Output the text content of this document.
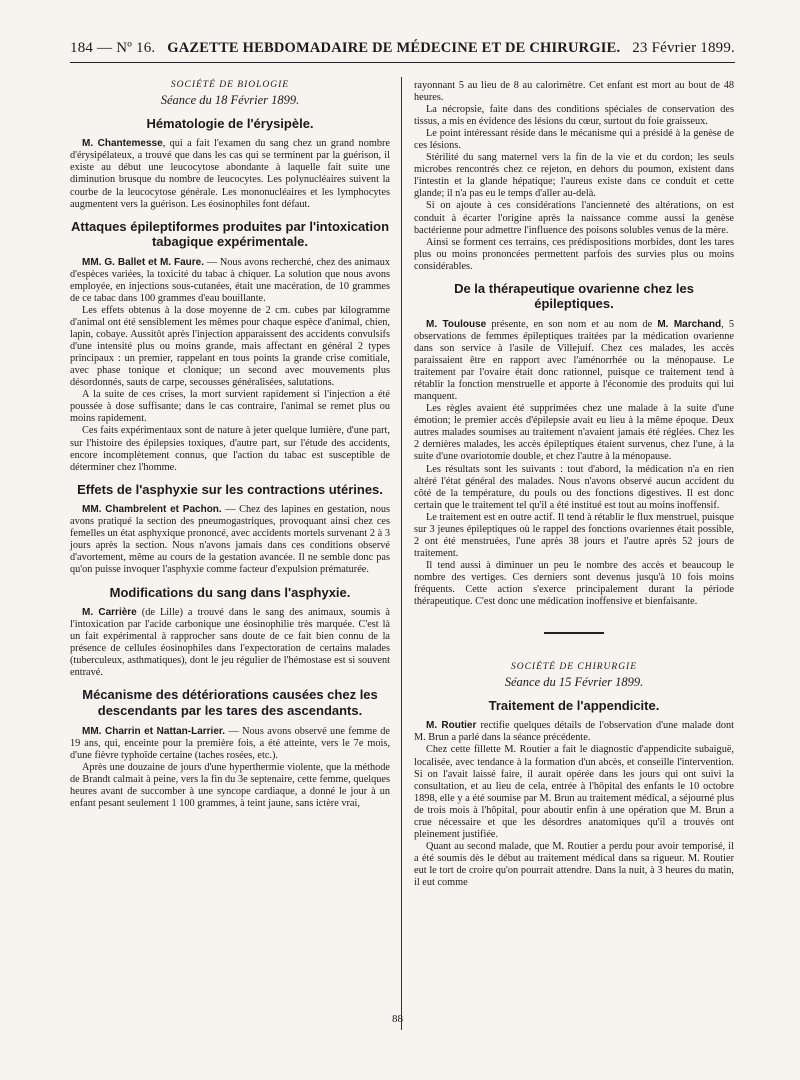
184 — Nº 16. GAZETTE HEBDOMADAIRE DE MÉDECINE ET DE CHIRURGIE. 23 Février 1899.
SOCIÉTÉ DE BIOLOGIE
Séance du 18 Février 1899.
Hématologie de l'érysipèle.

M. Chantemesse, qui a fait l'examen du sang chez un grand nombre d'érysipélateux, a trouvé que dans les cas qui se terminent par la guérison, il existe au début une leucocytose abondante à laquelle fait suite une diminution brusque du nombre de leucocytes. Les polynucléaires suivent la courbe de la leucocytose générale. Les mononucléaires et les lymphocytes augmentent vers la guérison. Les éosinophiles font défaut.

Attaques épileptiformes produites par l'intoxication tabagique expérimentale.

MM. G. Ballet et M. Faure. — Nous avons recherché, chez des animaux d'espèces variées, la toxicité du tabac à chiquer. La solution que nous avons employée, en injections sous-cutanées, était une macération, de 10 grammes de ce tabac dans 100 grammes d'eau bouillante.

Les effets obtenus à la dose moyenne de 2 cm. cubes par kilogramme d'animal ont été sensiblement les mêmes pour chaque espèce d'animal, chien, lapin, cobaye. Aussitôt après l'injection apparaissent des accidents convulsifs d'une intensité plus ou moins grande, mais affectant en général 2 types principaux : un premier, rappelant en tous points la grande crise comitiale, avec phase tonique et clonique; un second avec mouvements plus désordonnés, sauts de carpe, secousses généralisées, salutations.

A la suite de ces crises, la mort survient rapidement si l'injection a été poussée à dose suffisante; dans le cas contraire, l'animal se remet plus ou moins rapidement.

Ces faits expérimentaux sont de nature à jeter quelque lumière, d'une part, sur l'histoire des épilepsies toxiques, d'autre part, sur l'étude des accidents, encore incomplètement connus, que l'action du tabac est susceptible de déterminer chez l'homme.

Effets de l'asphyxie sur les contractions utérines.

MM. Chambrelent et Pachon. — Chez des lapines en gestation, nous avons pratiqué la section des pneumogastriques, provoquant ainsi chez ces femelles un état asphyxique prononcé, avec accidents mortels survenant 2 à 3 jours après la section. Nous n'avons jamais dans ces conditions observé d'avortement, même au cours de la gestation avancée. Il ne semble donc pas qu'on puisse invoquer l'asphyxie comme facteur d'expulsion prématurée.

Modifications du sang dans l'asphyxie.

M. Carrière (de Lille) a trouvé dans le sang des animaux, soumis à l'intoxication par l'acide carbonique une éosinophilie très marquée. C'est là un fait expérimental à rapprocher sans doute de ce fait bien connu de la présence de cellules éosinophiles dans l'expectoration de certains malades (tuberculeux, asthmatiques), dont le jeu régulier de l'hémostase est si souvent entravé.

Mécanisme des détériorations causées chez les descendants par les tares des ascendants.

MM. Charrin et Nattan-Larrier. — Nous avons observé une femme de 19 ans, qui, enceinte pour la première fois, a été atteinte, vers le 7e mois, d'une fièvre typhoïde certaine (taches rosées, etc.).

Après une douzaine de jours d'une hyperthermie violente, que la méthode de Brandt calmait à peine, vers la fin du 3e septenaire, cette femme, quelques heures avant de succomber à une syncope cardiaque, a donné le jour à un enfant pesant seulement 1 100 grammes, à teint jaune, sans ictère vrai,

rayonnant 5 au lieu de 8 au calorimètre. Cet enfant est mort au bout de 48 heures.

La nécropsie, faite dans des conditions spéciales de conservation des tissus, a mis en évidence des lésions du cœur, surtout du foie graisseux.

Le point intéressant réside dans le mécanisme qui a présidé à la genèse de ces lésions.

Stérilité du sang maternel vers la fin de la vie et du cordon; les seuls microbes rencontrés chez ce rejeton, en dehors du poumon, existent dans l'intestin et la glande hépatique; l'aureus existe dans ce conduit et cette glande; il n'a pas eu le temps d'aller au-delà.

Si on ajoute à ces considérations l'ancienneté des altérations, on est conduit à écarter l'origine après la naissance comme aussi la genèse bactérienne pour admettre l'influence des poisons solubles venus de la mère.

Ainsi se forment ces terrains, ces prédispositions morbides, dont les tares plus ou moins prononcées permettent parfois des survies plus ou moins considérables.

De la thérapeutique ovarienne chez les épileptiques.

M. Toulouse présente, en son nom et au nom de M. Marchand, 5 observations de femmes épileptiques traitées par la médication ovarienne dans son service à l'asile de Villejuif. Chez ces malades, les accès paraissaient être en rapport avec l'aménorrhée ou la ménopause. Le traitement par l'ovaire était donc rationnel, puisque ce traitement tend à rétablir la fonction menstruelle et apporte à l'économie des produits qui lui manquent.

Les règles avaient été supprimées chez une malade à la suite d'une émotion; le premier accès d'épilepsie avait eu lieu à la même époque. Deux autres malades soumises au traitement n'avaient jamais été réglées. Chez les 2 dernières malades, les accès épileptiques étaient survenus, chez l'une, à la suite d'une ovariotomie double, et chez l'autre à la ménopause.

Les résultats sont les suivants : tout d'abord, la médication n'a en rien altéré l'état général des malades. Nous n'avons observé aucun accident du côté de la température, du pouls ou des fonctions digestives. Il est donc certain que le traitement tel qu'il a été institué est tout au moins inoffensif.

Le traitement est en outre actif. Il tend à rétablir le flux menstruel, puisque sur 3 jeunes épileptiques où le rappel des fonctions ovariennes était possible, 2 ont été menstruées, l'une après 38 jours et l'autre après 52 jours de traitement.

Il tend aussi à diminuer un peu le nombre des accès et beaucoup le nombre des vertiges. Ces derniers sont devenus jusqu'à 10 fois moins fréquents. Cette action s'exerce principalement durant la période thérapeutique. C'est donc une médication inoffensive et bienfaisante.

SOCIÉTÉ DE CHIRURGIE
Séance du 15 Février 1899.
Traitement de l'appendicite.

M. Routier rectifie quelques détails de l'observation d'une malade dont M. Brun a parlé dans la séance précédente.

Chez cette fillette M. Routier a fait le diagnostic d'appendicite subaiguë, localisée, avec tendance à la formation d'un abcès, et conseille l'intervention. Si on l'avait laissé faire, il aurait opérée dans les jours qui ont suivi la consultation, et au lieu de cela, entrée à l'hôpital des enfants le 10 octobre 1898, elle y a été soumise par M. Brun au traitement médical, a séjourné plus de trois mois à l'hôpital, pour aboutir enfin à une opération que M. Brun a crue nécessaire et que les désordres anatomiques qu'il a trouvés ont pleinement justifiée.

Quant au second malade, que M. Routier a perdu pour avoir temporisé, il a été soumis dès le début au traitement médical dans sa rigueur. M. Routier eut le tort de croire qu'on pourrait attendre. Dans la nuit, à 3 heures du matin, il eut comme

88
